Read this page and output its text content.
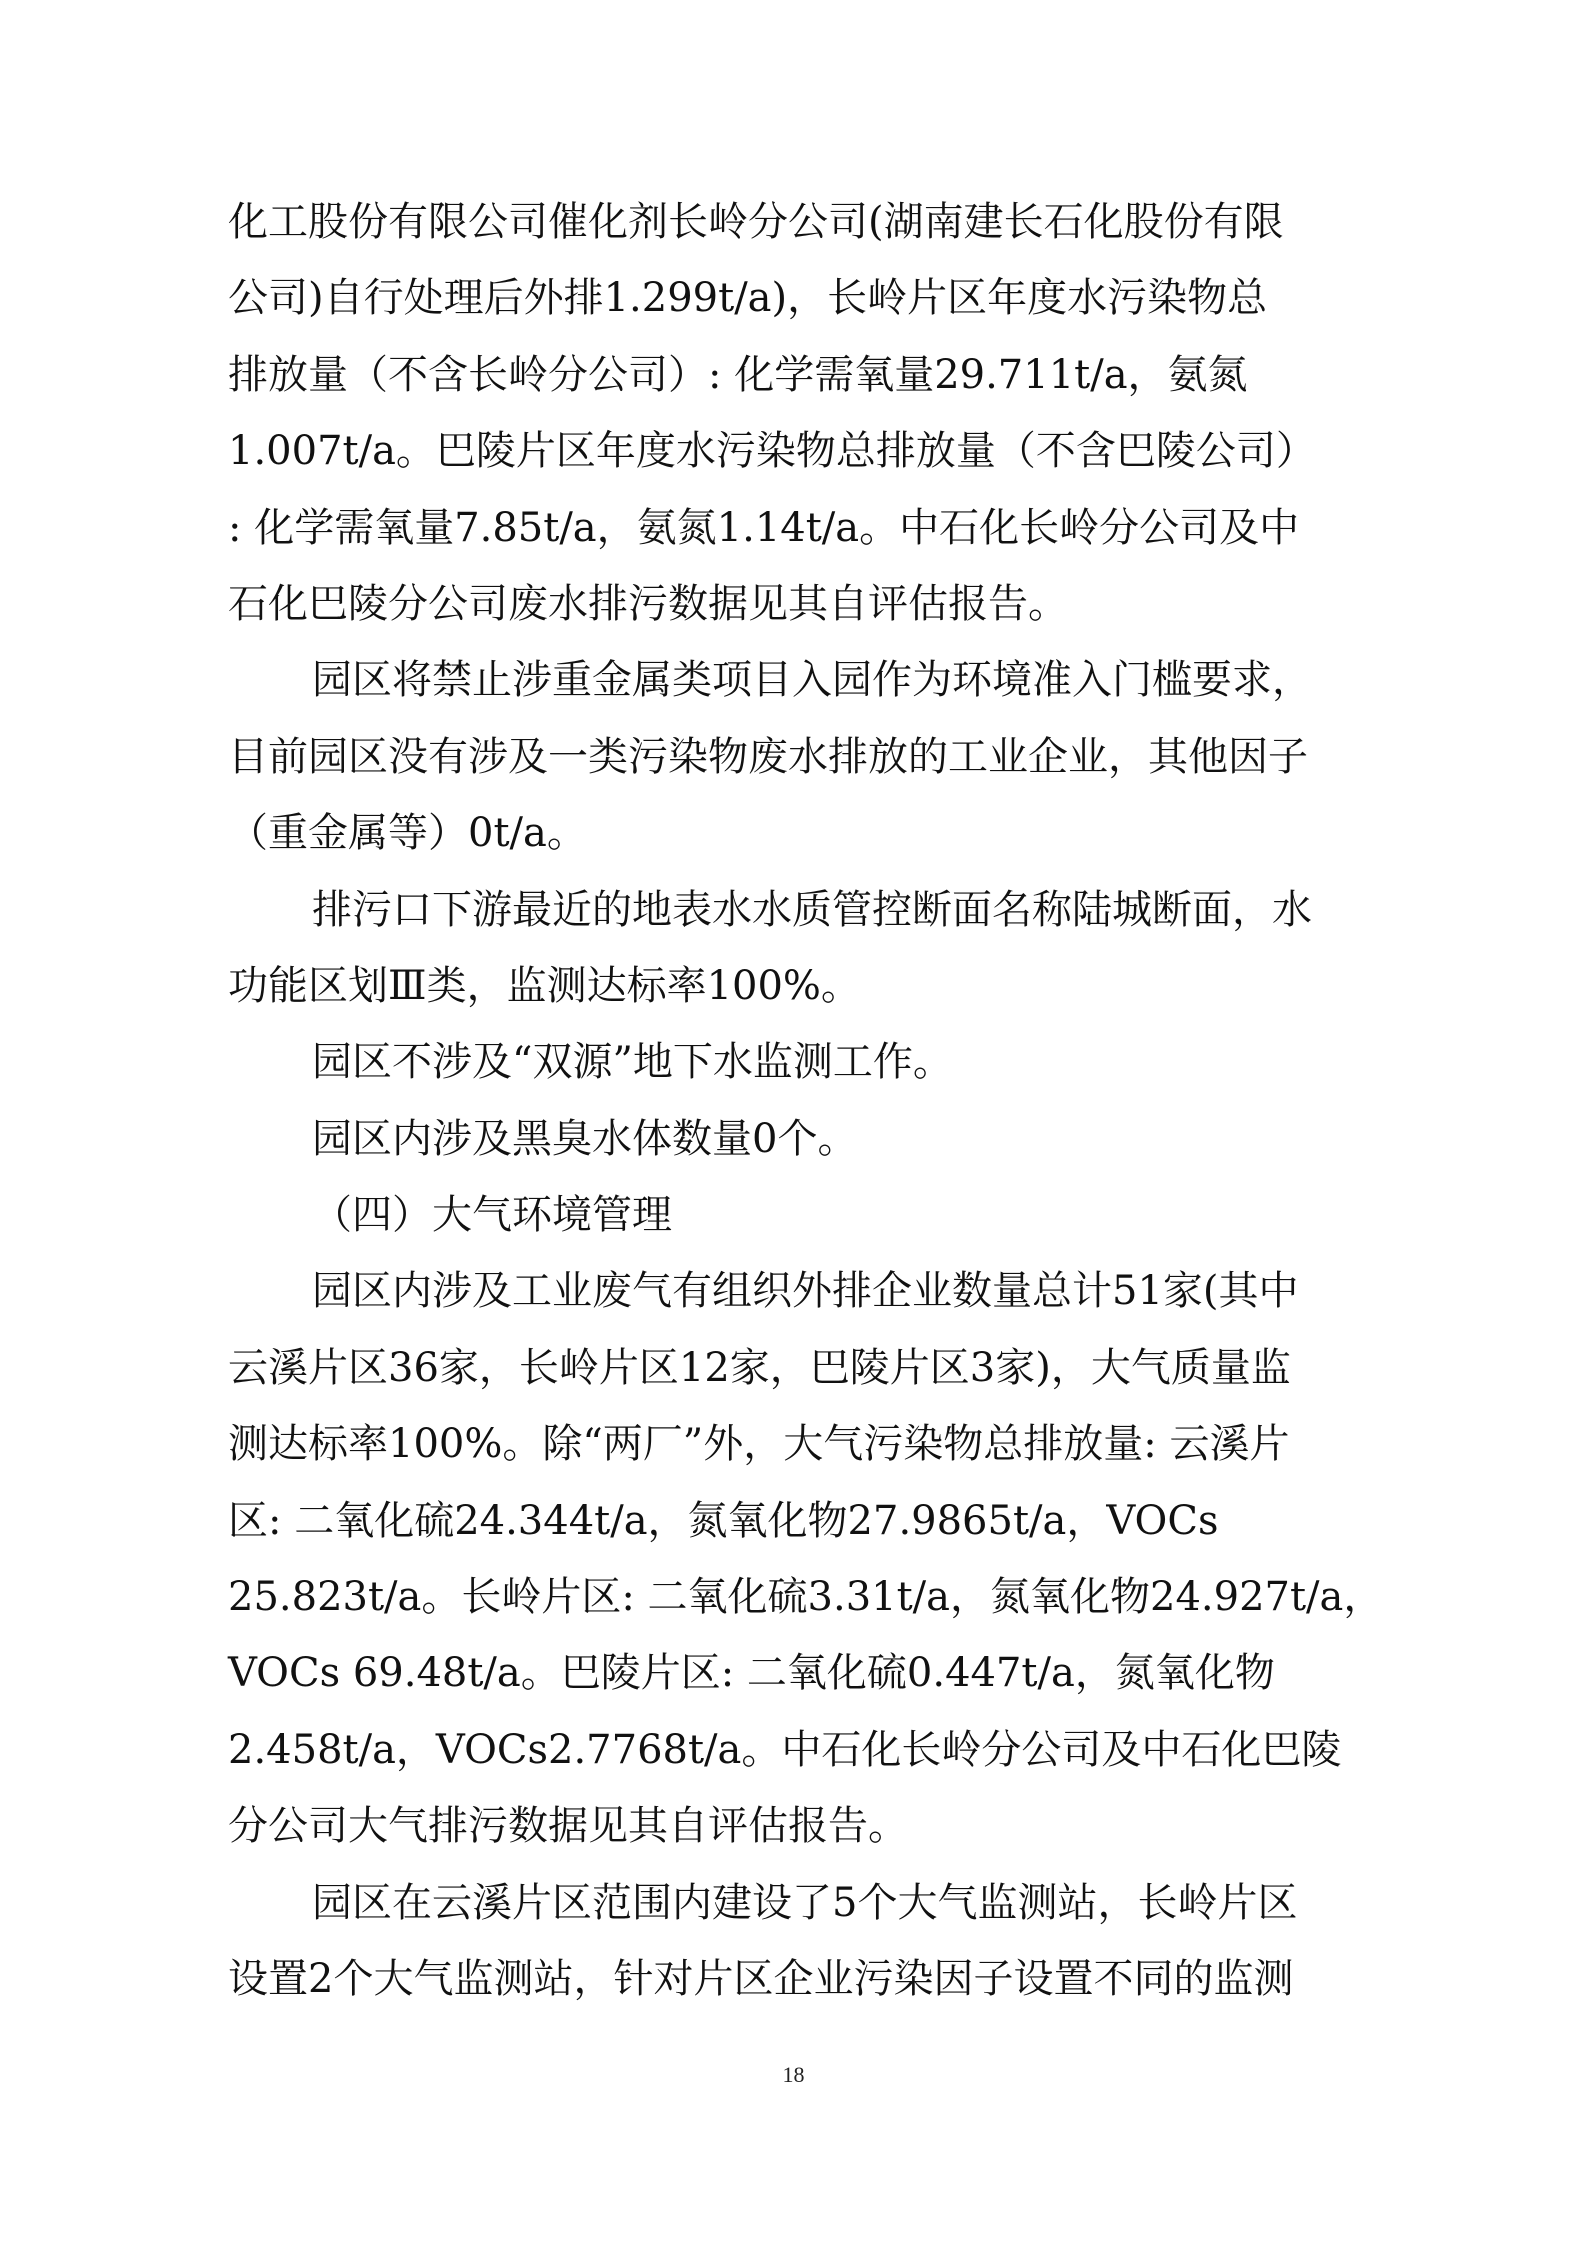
化工股份有限公司催化剂长岭分公司(湖南建长石化股份有限
公司)自行处理后外排1.299t/a)，长岭片区年度水污染物总
排放量（不含长岭分公司）: 化学需氧量29.711t/a，氨氮
1.007t/a。巴陵片区年度水污染物总排放量（不含巴陵公司）
: 化学需氧量7.85t/a，氨氮1.14t/a。中石化长岭分公司及中
石化巴陵分公司废水排污数据见其自评估报告。
园区将禁止涉重金属类项目入园作为环境准入门槛要求，
目前园区没有涉及一类污染物废水排放的工业企业，其他因子
（重金属等）0t/a。
排污口下游最近的地表水水质管控断面名称陆城断面，水
功能区划Ⅲ类，监测达标率100%。
园区不涉及“双源”地下水监测工作。
园区内涉及黑臭水体数量0个。
（四）大气环境管理
园区内涉及工业废气有组织外排企业数量总计51家(其中
云溪片区36家，长岭片区12家，巴陵片区3家)，大气质量监
测达标率100%。除“两厂”外，大气污染物总排放量: 云溪片
区: 二氧化硫24.344t/a，氮氧化物27.9865t/a，VOCs
25.823t/a。长岭片区: 二氧化硫3.31t/a，氮氧化物24.927t/a，
VOCs 69.48t/a。巴陵片区: 二氧化硫0.447t/a，氮氧化物
2.458t/a，VOCs2.7768t/a。中石化长岭分公司及中石化巴陵
分公司大气排污数据见其自评估报告。
园区在云溪片区范围内建设了5个大气监测站，长岭片区
设置2个大气监测站，针对片区企业污染因子设置不同的监测
18
